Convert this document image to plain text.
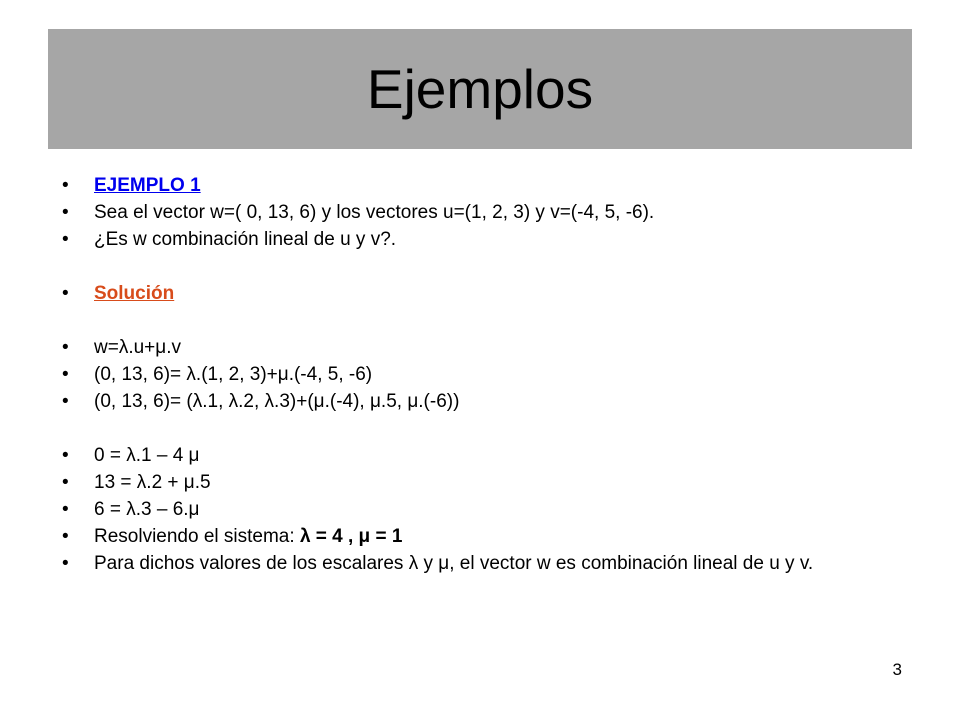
Ejemplos
•	EJEMPLO 1
•	Sea el vector w=( 0, 13, 6) y los vectores u=(1, 2, 3) y v=(-4, 5, -6).
•	¿Es w combinación lineal de u y v?.
•	Solución
•	w=λ.u+μ.v
•	(0, 13, 6)= λ.(1, 2, 3)+μ.(-4, 5, -6)
•	(0, 13, 6)= (λ.1, λ.2, λ.3)+(μ.(-4), μ.5, μ.(-6))
•	0 = λ.1 – 4 μ
•	13 = λ.2 + μ.5
•	6 = λ.3 – 6.μ
•	Resolviendo el sistema: λ = 4 , μ = 1
•	Para dichos valores de los escalares λ y μ, el vector w es combinación lineal de u y v.
3
